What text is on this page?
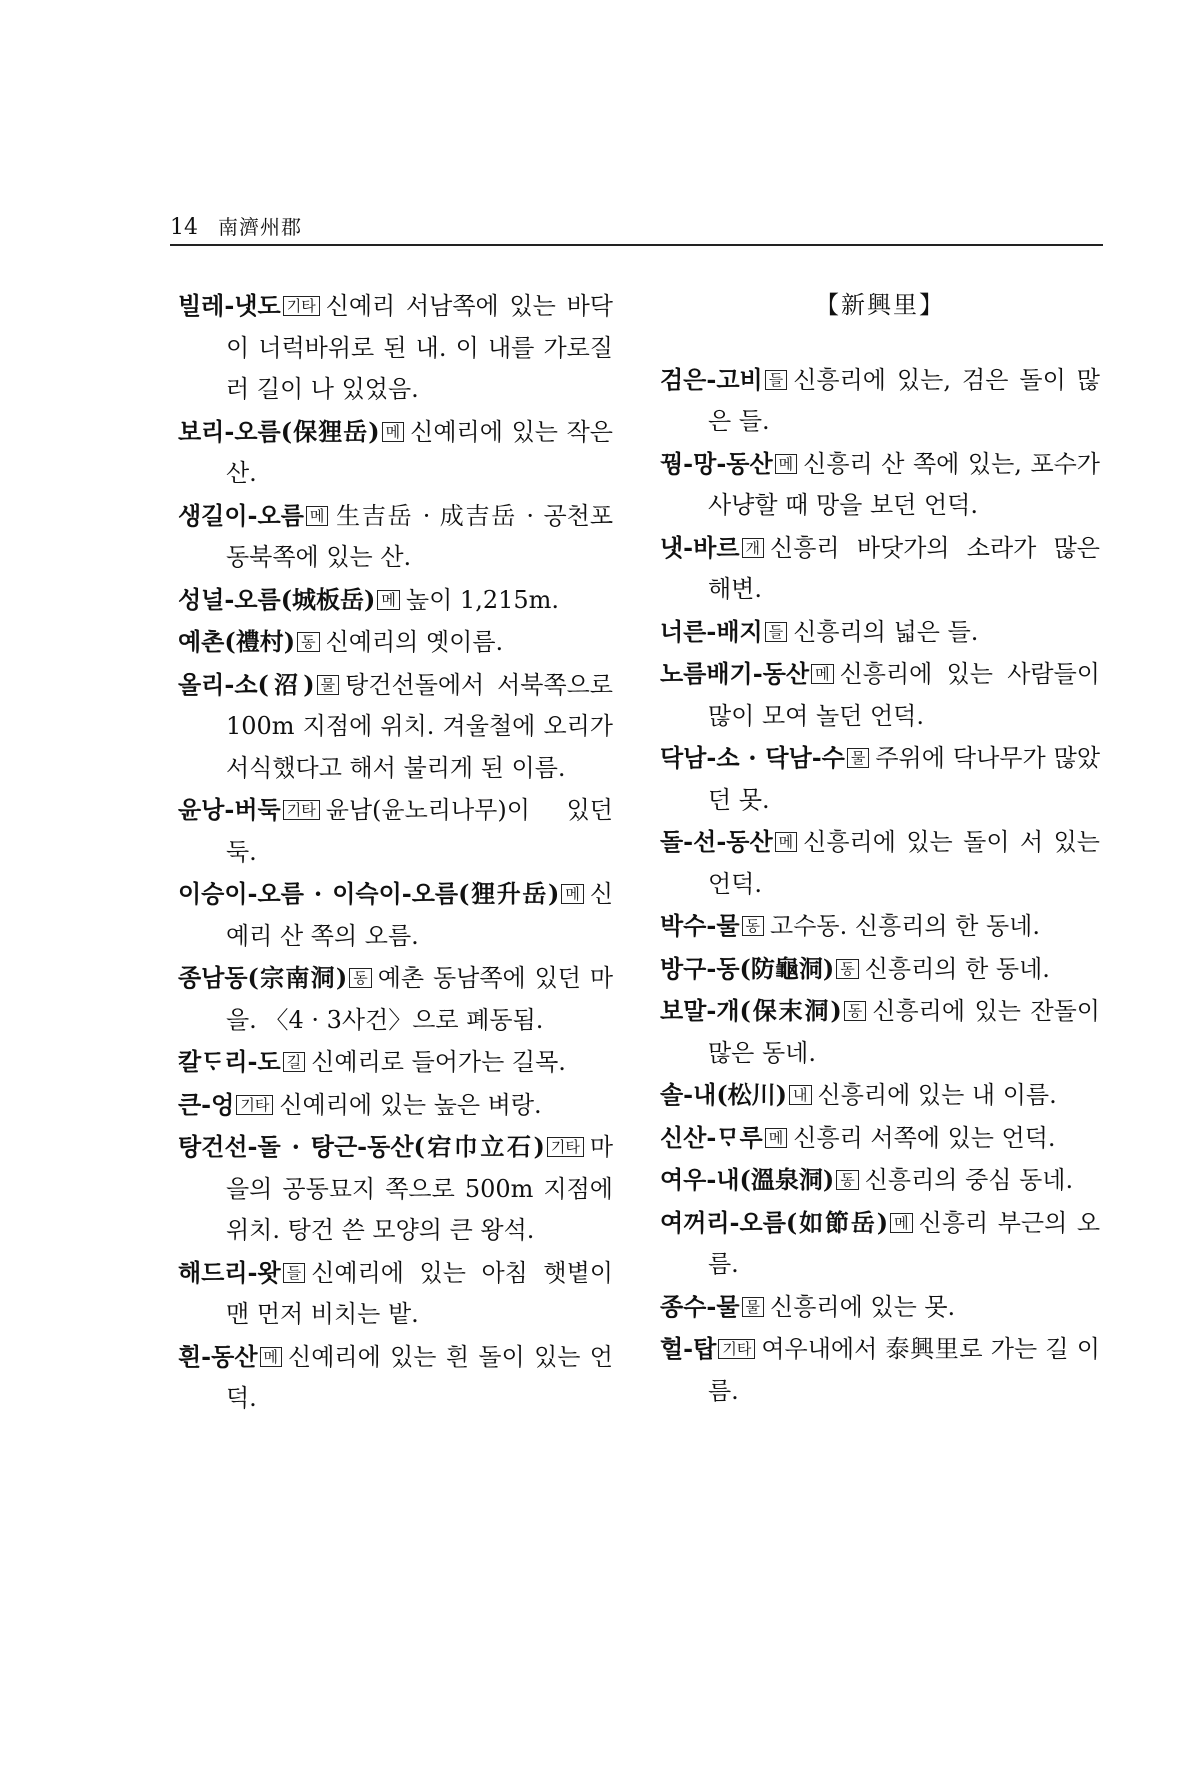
14 南濟州郡

빌레-냇도 기타 신예리 서남쪽에 있는 바닥이 너럭바위로 된 내. 이 내를 가로질러 길이 나 있었음.

보리-오름(保狸岳) 메 신예리에 있는 작은 산.

생길이-오름 메 生吉岳 · 成吉岳 · 공천포 동북쪽에 있는 산.

성널-오름(城板岳) 메 높이 1,215m.

예촌(禮村) 동 신예리의 옛이름.

올리-소(沼) 물 탕건선돌에서 서북쪽으로 100m 지점에 위치. 겨울철에 오리가 서식했다고 해서 불리게 된 이름.

윤낭-버둑 기타 윤남(윤노리나무)이 있던 둑.

이승이-오름 · 이슥이-오름(狸升岳) 메 신예리 산 쪽의 오름.

종남동(宗南洞) 동 예촌 동남쪽에 있던 마을. 〈4 · 3사건〉으로 폐동됨.

칼ᄃᆞ리-도 길 신예리로 들어가는 길목.

큰-엉 기타 신예리에 있는 높은 벼랑.

탕건선-돌 · 탕근-동산(宕巾立石) 기타 마을의 공동묘지 쪽으로 500m 지점에 위치. 탕건 쓴 모양의 큰 왕석.

해드리-왓 들 신예리에 있는 아침 햇볕이 맨 먼저 비치는 밭.

흰-동산 메 신예리에 있는 흰 돌이 있는 언덕.

【新興里】

검은-고비 들 신흥리에 있는, 검은 돌이 많은 들.

꿩-망-동산 메 신흥리 산 쪽에 있는, 포수가 사냥할 때 망을 보던 언덕.

냇-바르 개 신흥리 바닷가의 소라가 많은 해변.

너른-배지 들 신흥리의 넓은 들.

노름배기-동산 메 신흥리에 있는 사람들이 많이 모여 놀던 언덕.

닥남-소 · 닥남-수 물 주위에 닥나무가 많았던 못.

돌-선-동산 메 신흥리에 있는 돌이 서 있는 언덕.

박수-물 동 고수동. 신흥리의 한 동네.

방구-동(防龜洞) 동 신흥리의 한 동네.

보말-개(保末洞) 동 신흥리에 있는 잔돌이 많은 동네.

솔-내(松川) 내 신흥리에 있는 내 이름.

신산-ᄆᆞ루 메 신흥리 서쪽에 있는 언덕.

여우-내(溫泉洞) 동 신흥리의 중심 동네.

여꺼리-오름(如節岳) 메 신흥리 부근의 오름.

종수-물 물 신흥리에 있는 못.

헐-탑 기타 여우내에서 泰興里로 가는 길 이름.
